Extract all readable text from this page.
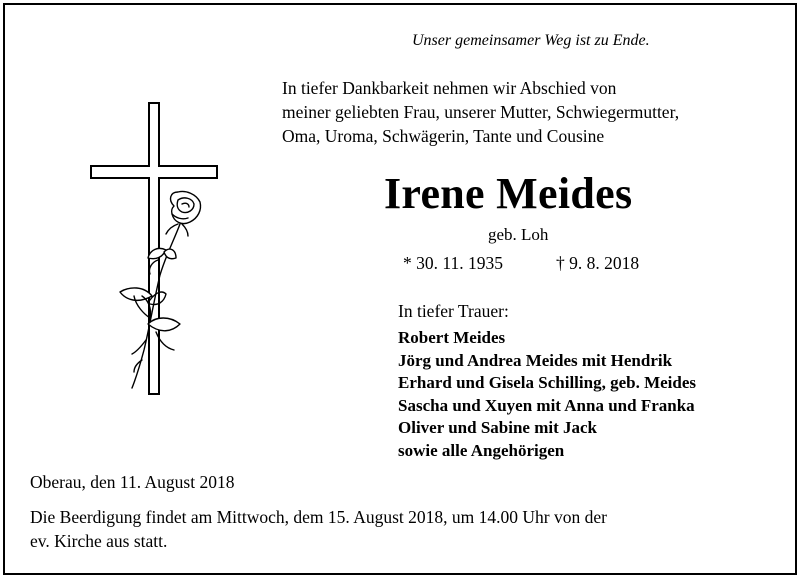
Unser gemeinsamer Weg ist zu Ende.
In tiefer Dankbarkeit nehmen wir Abschied von
meiner geliebten Frau, unserer Mutter, Schwiegermutter,
Oma, Uroma, Schwägerin, Tante und Cousine
Irene Meides
geb. Loh
* 30. 11. 1935	† 9. 8. 2018
In tiefer Trauer:
Robert Meides
Jörg und Andrea Meides mit Hendrik
Erhard und Gisela Schilling, geb. Meides
Sascha und Xuyen mit Anna und Franka
Oliver und Sabine mit Jack
sowie alle Angehörigen
Oberau, den 11. August 2018
Die Beerdigung findet am Mittwoch, dem 15. August 2018, um 14.00 Uhr von der
ev. Kirche aus statt.
